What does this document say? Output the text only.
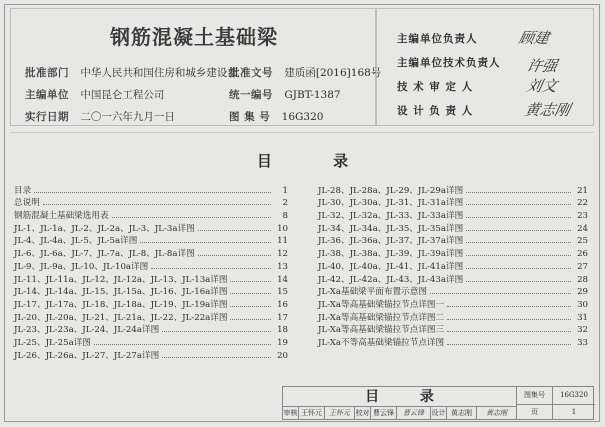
钢筋混凝土基础梁
批准部门 中华人民共和国住房和城乡建设部
批准文号 建质函[2016]168号
主编单位 中国昆仑工程公司	统一编号 GJBT-1387
实行日期 二〇一六年九月一日	图 集 号 16G320
主编单位负责人	顾建
主编单位技术负责人 许强
技 术 审 定 人	刘文
设 计 负 责 人	黄志刚
目 录
目录	1
总说明	2
钢筋混凝土基础梁选用表	8
JL-1、JL-1a、JL-2、JL-2a、JL-3、JL-3a详图	10
JL-4、JL-4a、JL-5、JL-5a详图	11
JL-6、JL-6a、JL-7、JL-7a、JL-8、JL-8a详图	12
JL-9、JL-9a、JL-10、JL-10a详图	13
JL-11、JL-11a、JL-12、JL-12a、JL-13、JL-13a详图	14
JL-14、JL-14a、JL-15、JL-15a、JL-16、JL-16a详图	15
JL-17、JL-17a、JL-18、JL-18a、JL-19、JL-19a详图	16
JL-20、JL-20a、JL-21、JL-21a、JL-22、JL-22a详图	17
JL-23、JL-23a、JL-24、JL-24a详图	18
JL-25、JL-25a详图	19
JL-26、JL-26a、JL-27、JL-27a详图	20
JL-28、JL-28a、JL-29、JL-29a详图	21
JL-30、JL-30a、JL-31、JL-31a详图	22
JL-32、JL-32a、JL-33、JL-33a详图	23
JL-34、JL-34a、JL-35、JL-35a详图	24
JL-36、JL-36a、JL-37、JL-37a详图	25
JL-38、JL-38a、JL-39、JL-39a详图	26
JL-40、JL-40a、JL-41、JL-41a详图	27
JL-42、JL-42a、JL-43、JL-43a详图	28
JL-Xa基础梁平面布置示意图	29
JL-Xa等高基础梁锚拉节点详图一	30
JL-Xa等高基础梁锚拉节点详图二	31
JL-Xa等高基础梁锚拉节点详图三	32
JL-Xa不等高基础梁锚拉节点详图	33
目 录	图集号	16G320
审核 王怀元	王怀元 校对 曹云锋	曹云锋	设计 黄志刚	黄志刚	页	1
